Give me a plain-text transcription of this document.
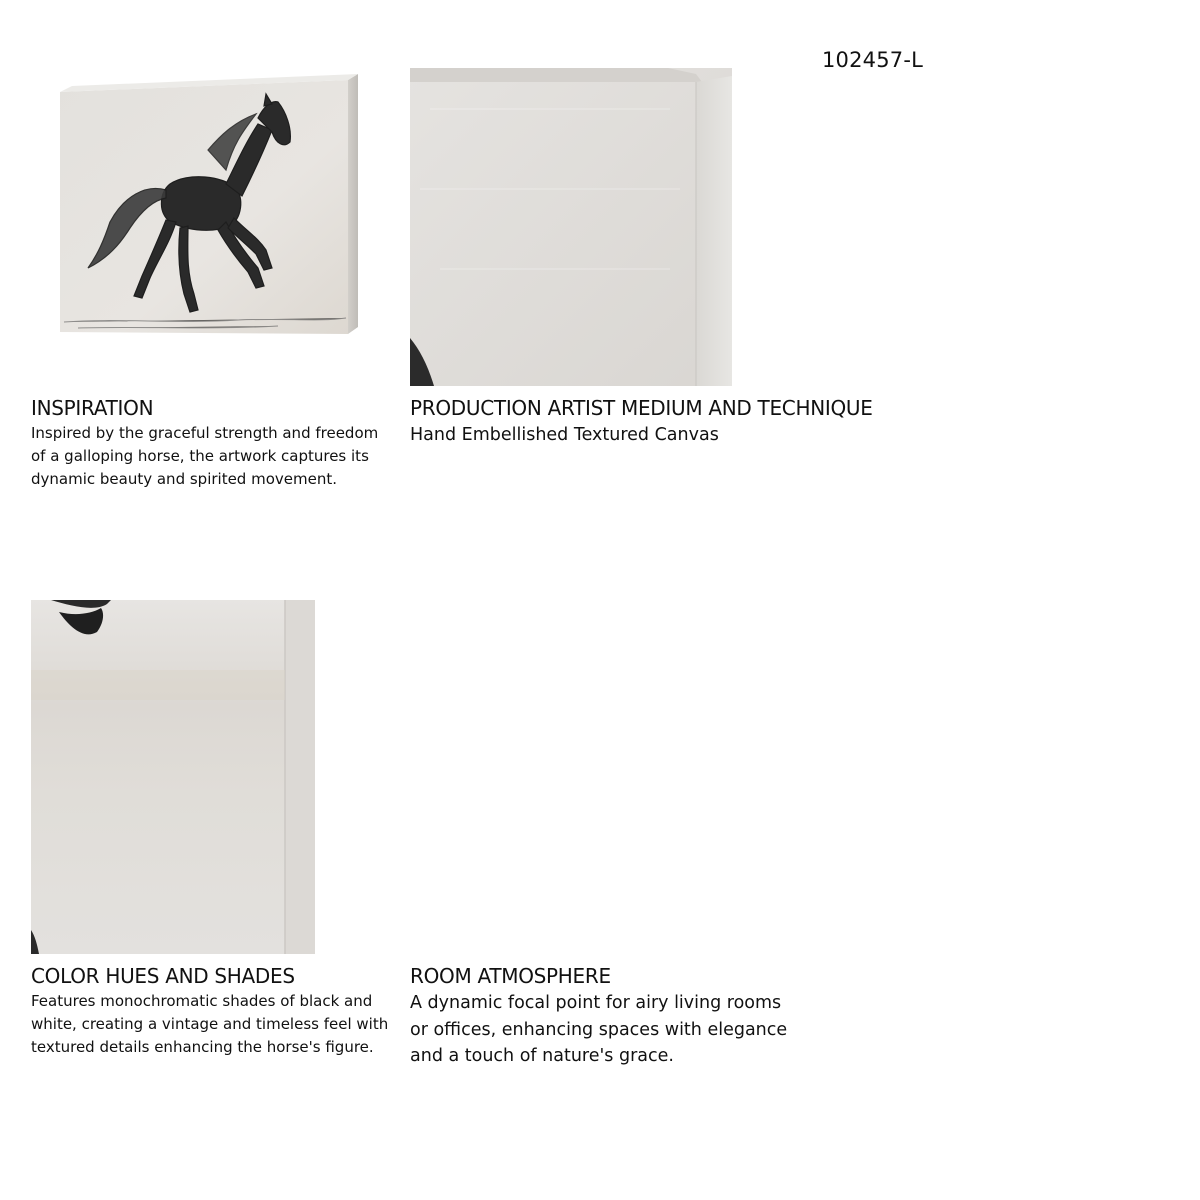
102457-L
INSPIRATION

Inspired by the graceful strength and freedom of a galloping horse, the artwork captures its dynamic beauty and spirited movement.

PRODUCTION ARTIST MEDIUM AND TECHNIQUE

Hand Embellished Textured Canvas

COLOR HUES AND SHADES

Features monochromatic shades of black and white, creating a vintage and timeless feel with textured details enhancing the horse's figure.

ROOM ATMOSPHERE

A dynamic focal point for airy living rooms or offices, enhancing spaces with elegance and a touch of nature's grace.
